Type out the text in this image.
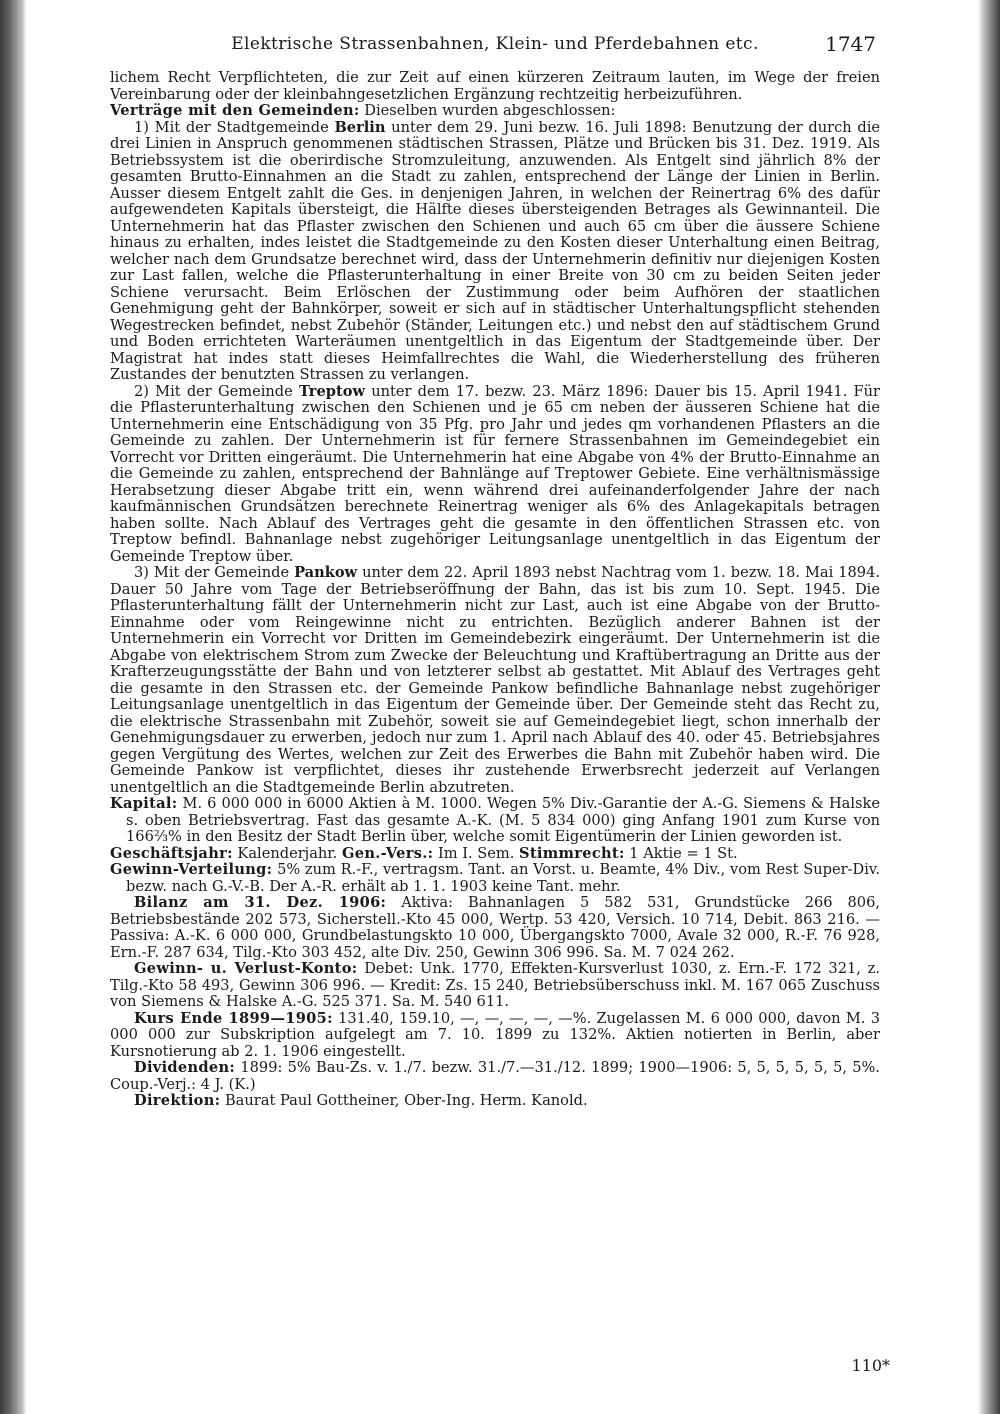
Elektrische Strassenbahnen, Klein- und Pferdebahnen etc.	1747

lichem Recht Verpflichteten, die zur Zeit auf einen kürzeren Zeitraum lauten, im Wege der freien Vereinbarung oder der kleinbahngesetzlichen Ergänzung rechtzeitig herbeizuführen.

Verträge mit den Gemeinden: Dieselben wurden abgeschlossen:

1) Mit der Stadtgemeinde Berlin unter dem 29. Juni bezw. 16. Juli 1898: Benutzung der durch die drei Linien in Anspruch genommenen städtischen Strassen, Plätze und Brücken bis 31. Dez. 1919. Als Betriebssystem ist die oberirdische Stromzuleitung, anzuwenden. Als Entgelt sind jährlich 8% der gesamten Brutto-Einnahmen an die Stadt zu zahlen, entsprechend der Länge der Linien in Berlin. Ausser diesem Entgelt zahlt die Ges. in denjenigen Jahren, in welchen der Reinertrag 6% des dafür aufgewendeten Kapitals übersteigt, die Hälfte dieses übersteigenden Betrages als Gewinnanteil. Die Unternehmerin hat das Pflaster zwischen den Schienen und auch 65 cm über die äussere Schiene hinaus zu erhalten, indes leistet die Stadtgemeinde zu den Kosten dieser Unterhaltung einen Beitrag, welcher nach dem Grundsatze berechnet wird, dass der Unternehmerin definitiv nur diejenigen Kosten zur Last fallen, welche die Pflasterunterhaltung in einer Breite von 30 cm zu beiden Seiten jeder Schiene verursacht. Beim Erlöschen der Zustimmung oder beim Aufhören der staatlichen Genehmigung geht der Bahnkörper, soweit er sich auf in städtischer Unterhaltungspflicht stehenden Wegestrecken befindet, nebst Zubehör (Ständer, Leitungen etc.) und nebst den auf städtischem Grund und Boden errichteten Warteräumen unentgeltlich in das Eigentum der Stadtgemeinde über. Der Magistrat hat indes statt dieses Heimfallrechtes die Wahl, die Wiederherstellung des früheren Zustandes der benutzten Strassen zu verlangen.

2) Mit der Gemeinde Treptow unter dem 17. bezw. 23. März 1896: Dauer bis 15. April 1941. Für die Pflasterunterhaltung zwischen den Schienen und je 65 cm neben der äusseren Schiene hat die Unternehmerin eine Entschädigung von 35 Pfg. pro Jahr und jedes qm vorhandenen Pflasters an die Gemeinde zu zahlen. Der Unternehmerin ist für fernere Strassenbahnen im Gemeindegebiet ein Vorrecht vor Dritten eingeräumt. Die Unternehmerin hat eine Abgabe von 4% der Brutto-Einnahme an die Gemeinde zu zahlen, entsprechend der Bahnlänge auf Treptower Gebiete. Eine verhältnismässige Herabsetzung dieser Abgabe tritt ein, wenn während drei aufeinanderfolgender Jahre der nach kaufmännischen Grundsätzen berechnete Reinertrag weniger als 6% des Anlagekapitals betragen haben sollte. Nach Ablauf des Vertrages geht die gesamte in den öffentlichen Strassen etc. von Treptow befindl. Bahnanlage nebst zugehöriger Leitungsanlage unentgeltlich in das Eigentum der Gemeinde Treptow über.

3) Mit der Gemeinde Pankow unter dem 22. April 1893 nebst Nachtrag vom 1. bezw. 18. Mai 1894. Dauer 50 Jahre vom Tage der Betriebseröffnung der Bahn, das ist bis zum 10. Sept. 1945. Die Pflasterunterhaltung fällt der Unternehmerin nicht zur Last, auch ist eine Abgabe von der Brutto-Einnahme oder vom Reingewinne nicht zu entrichten. Bezüglich anderer Bahnen ist der Unternehmerin ein Vorrecht vor Dritten im Gemeindebezirk eingeräumt. Der Unternehmerin ist die Abgabe von elektrischem Strom zum Zwecke der Beleuchtung und Kraftübertragung an Dritte aus der Krafterzeugungsstätte der Bahn und von letzterer selbst ab gestattet. Mit Ablauf des Vertrages geht die gesamte in den Strassen etc. der Gemeinde Pankow befindliche Bahnanlage nebst zugehöriger Leitungsanlage unentgeltlich in das Eigentum der Gemeinde über. Der Gemeinde steht das Recht zu, die elektrische Strassenbahn mit Zubehör, soweit sie auf Gemeindegebiet liegt, schon innerhalb der Genehmigungsdauer zu erwerben, jedoch nur zum 1. April nach Ablauf des 40. oder 45. Betriebsjahres gegen Vergütung des Wertes, welchen zur Zeit des Erwerbes die Bahn mit Zubehör haben wird. Die Gemeinde Pankow ist verpflichtet, dieses ihr zustehende Erwerbsrecht jederzeit auf Verlangen unentgeltlich an die Stadtgemeinde Berlin abzutreten.

Kapital: M. 6 000 000 in 6000 Aktien à M. 1000. Wegen 5% Div.-Garantie der A.-G. Siemens & Halske s. oben Betriebsvertrag. Fast das gesamte A.-K. (M. 5 834 000) ging Anfang 1901 zum Kurse von 166⅔% in den Besitz der Stadt Berlin über, welche somit Eigentümerin der Linien geworden ist.

Geschäftsjahr: Kalenderjahr. Gen.-Vers.: Im I. Sem. Stimmrecht: 1 Aktie = 1 St.

Gewinn-Verteilung: 5% zum R.-F., vertragsm. Tant. an Vorst. u. Beamte, 4% Div., vom Rest Super-Div. bezw. nach G.-V.-B. Der A.-R. erhält ab 1. 1. 1903 keine Tant. mehr.

Bilanz am 31. Dez. 1906: Aktiva: Bahnanlagen 5 582 531, Grundstücke 266 806, Betriebsbestände 202 573, Sicherstell.-Kto 45 000, Wertp. 53 420, Versich. 10 714, Debit. 863 216. — Passiva: A.-K. 6 000 000, Grundbelastungskto 10 000, Übergangskto 7000, Avale 32 000, R.-F. 76 928, Ern.-F. 287 634, Tilg.-Kto 303 452, alte Div. 250, Gewinn 306 996. Sa. M. 7 024 262.

Gewinn- u. Verlust-Konto: Debet: Unk. 1770, Effekten-Kursverlust 1030, z. Ern.-F. 172 321, z. Tilg.-Kto 58 493, Gewinn 306 996. — Kredit: Zs. 15 240, Betriebsüberschuss inkl. M. 167 065 Zuschuss von Siemens & Halske A.-G. 525 371. Sa. M. 540 611.

Kurs Ende 1899—1905: 131.40, 159.10, —, —, —, —, —%. Zugelassen M. 6 000 000, davon M. 3 000 000 zur Subskription aufgelegt am 7. 10. 1899 zu 132%. Aktien notierten in Berlin, aber Kursnotierung ab 2. 1. 1906 eingestellt.

Dividenden: 1899: 5% Bau-Zs. v. 1./7. bezw. 31./7.—31./12. 1899; 1900—1906: 5, 5, 5, 5, 5, 5, 5%. Coup.-Verj.: 4 J. (K.)

Direktion: Baurat Paul Gottheiner, Ober-Ing. Herm. Kanold.

110*
